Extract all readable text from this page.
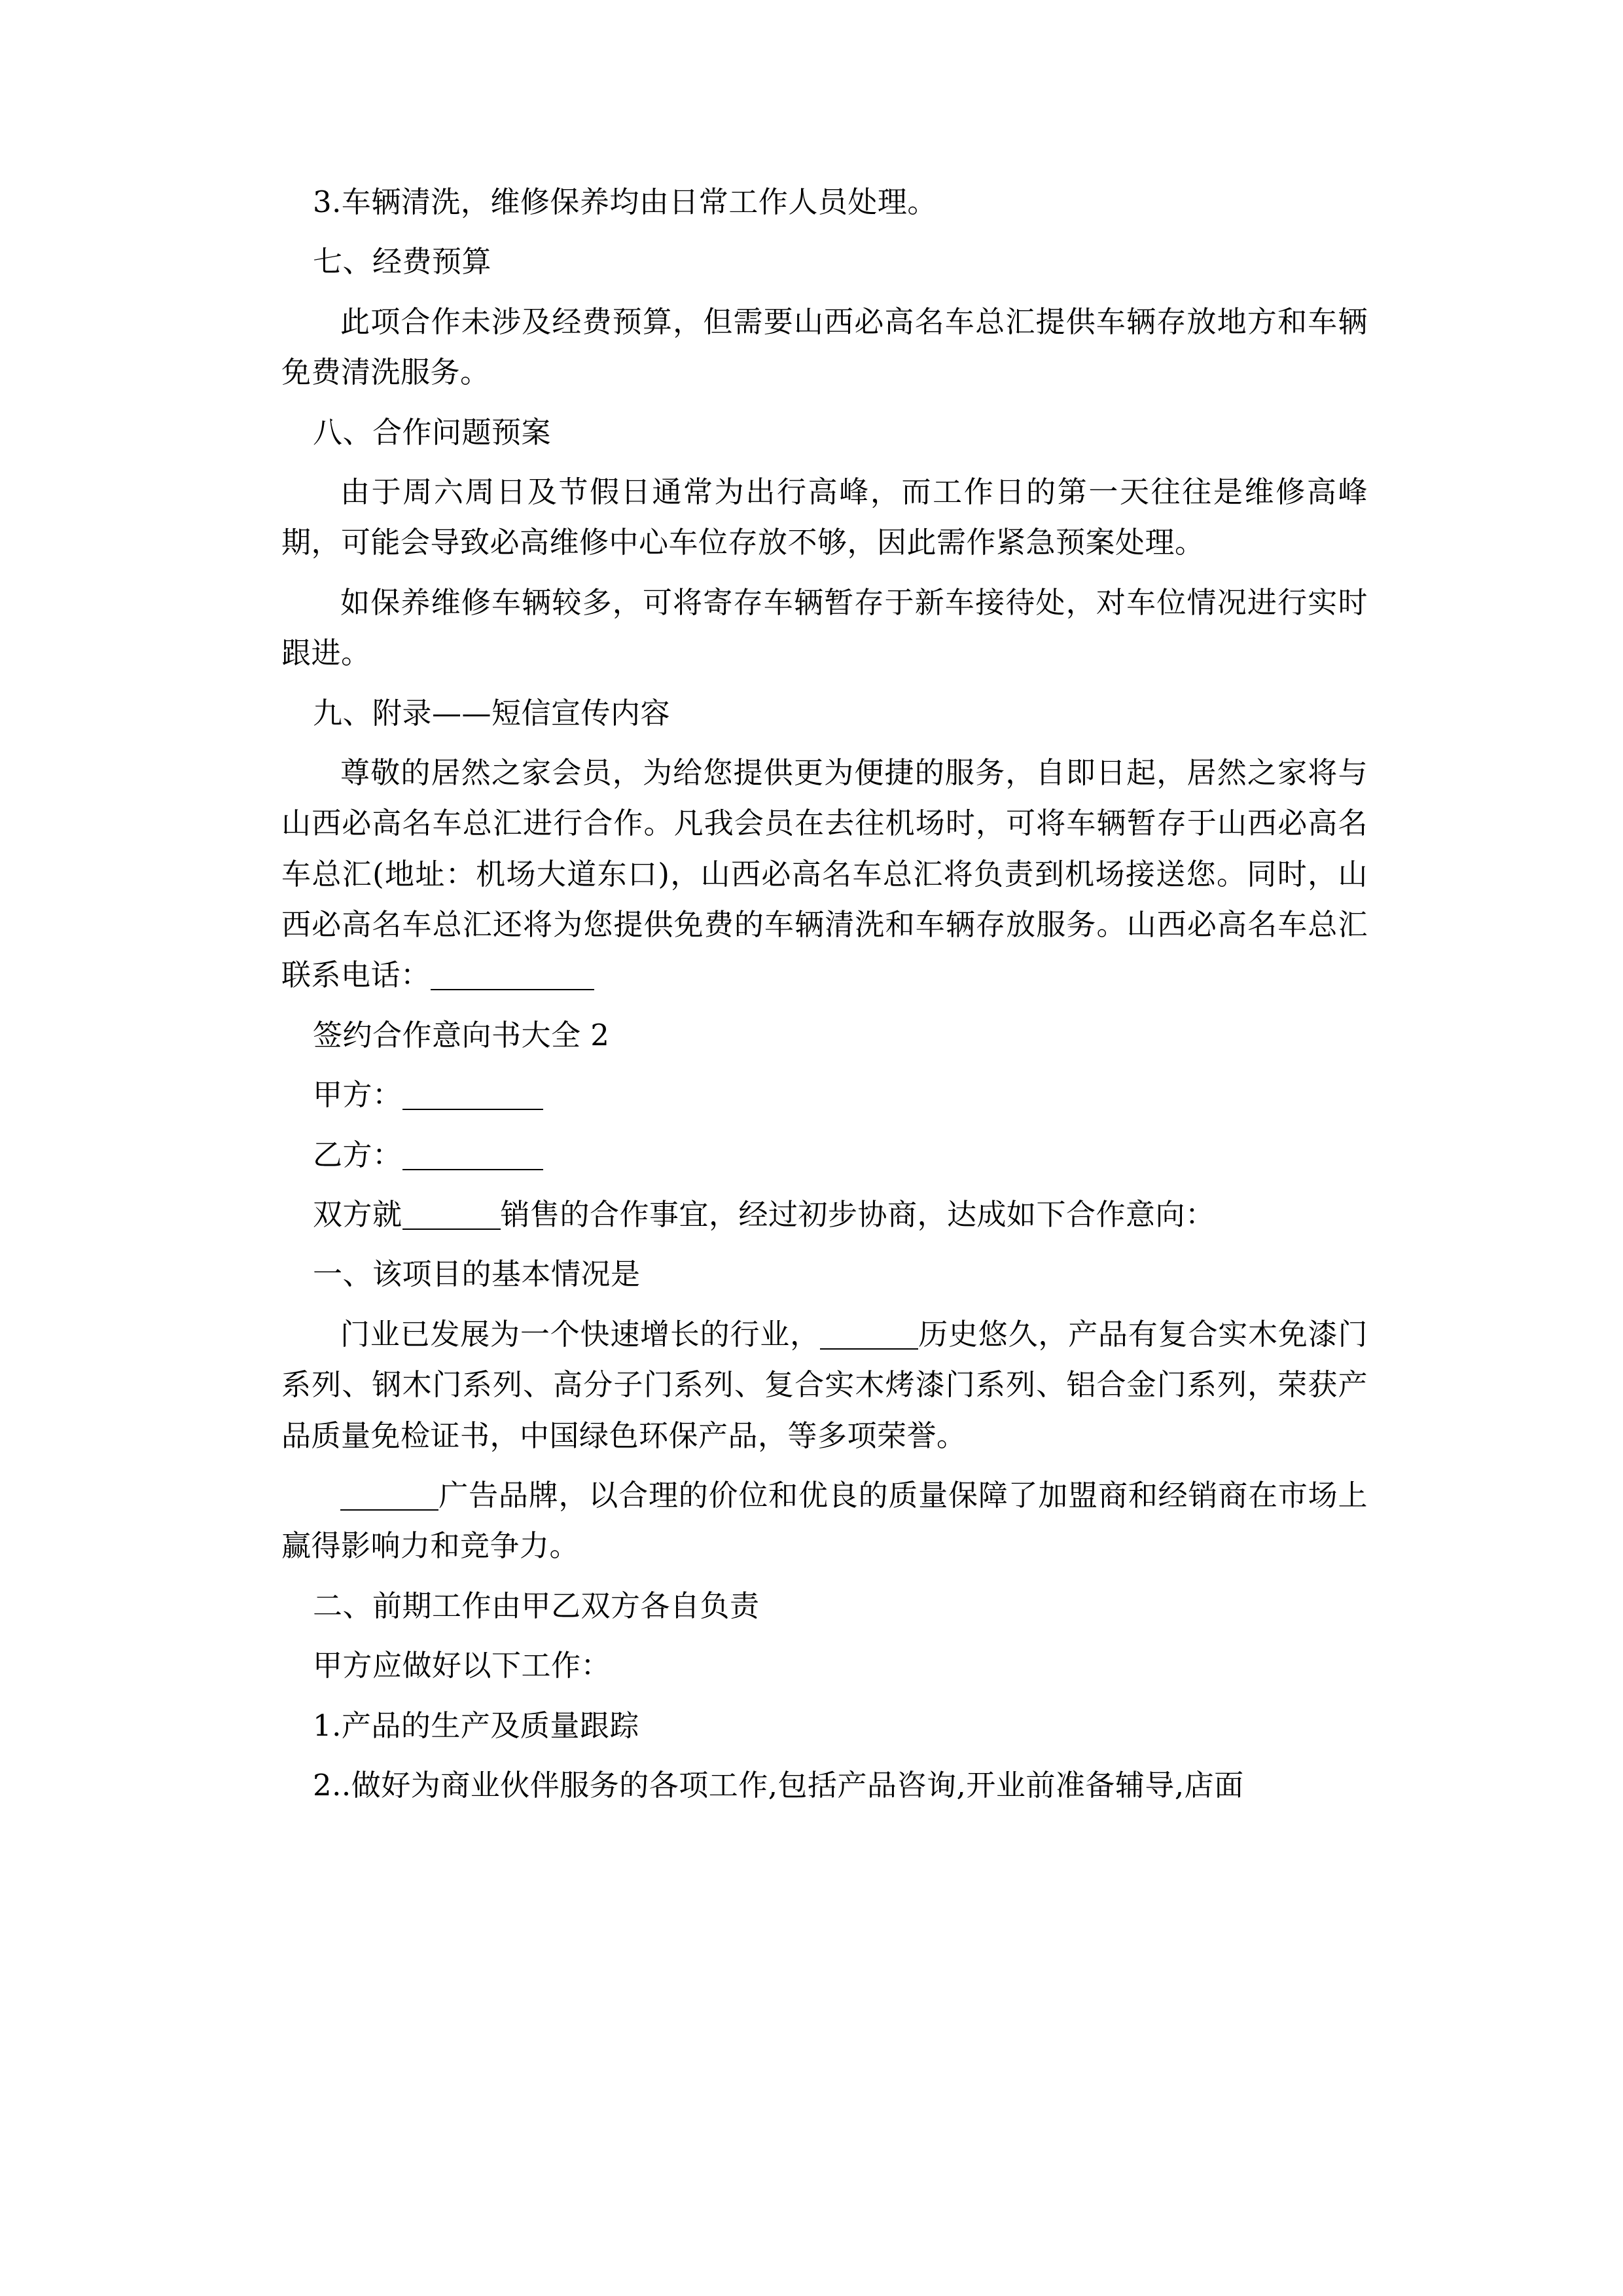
3.车辆清洗，维修保养均由日常工作人员处理。

七、经费预算

此项合作未涉及经费预算，但需要山西必高名车总汇提供车辆存放地方和车辆免费清洗服务。

八、合作问题预案

由于周六周日及节假日通常为出行高峰，而工作日的第一天往往是维修高峰期，可能会导致必高维修中心车位存放不够，因此需作紧急预案处理。

如保养维修车辆较多，可将寄存车辆暂存于新车接待处，对车位情况进行实时跟进。

九、附录——短信宣传内容

尊敬的居然之家会员，为给您提供更为便捷的服务，自即日起，居然之家将与山西必高名车总汇进行合作。凡我会员在去往机场时，可将车辆暂存于山西必高名车总汇(地址：机场大道东口)，山西必高名车总汇将负责到机场接送您。同时，山西必高名车总汇还将为您提供免费的车辆清洗和车辆存放服务。山西必高名车总汇联系电话：

签约合作意向书大全 2

甲方：

乙方：

双方就	销售的合作事宜，经过初步协商，达成如下合作意向：

一、该项目的基本情况是

门业已发展为一个快速增长的行业，	历史悠久，产品有复合实木免漆门系列、钢木门系列、高分子门系列、复合实木烤漆门系列、铝合金门系列，荣获产品质量免检证书，中国绿色环保产品，等多项荣誉。

广告品牌，以合理的价位和优良的质量保障了加盟商和经销商在市场上赢得影响力和竞争力。

二、前期工作由甲乙双方各自负责

甲方应做好以下工作：

1.产品的生产及质量跟踪

2..做好为商业伙伴服务的各项工作,包括产品咨询,开业前准备辅导,店面
